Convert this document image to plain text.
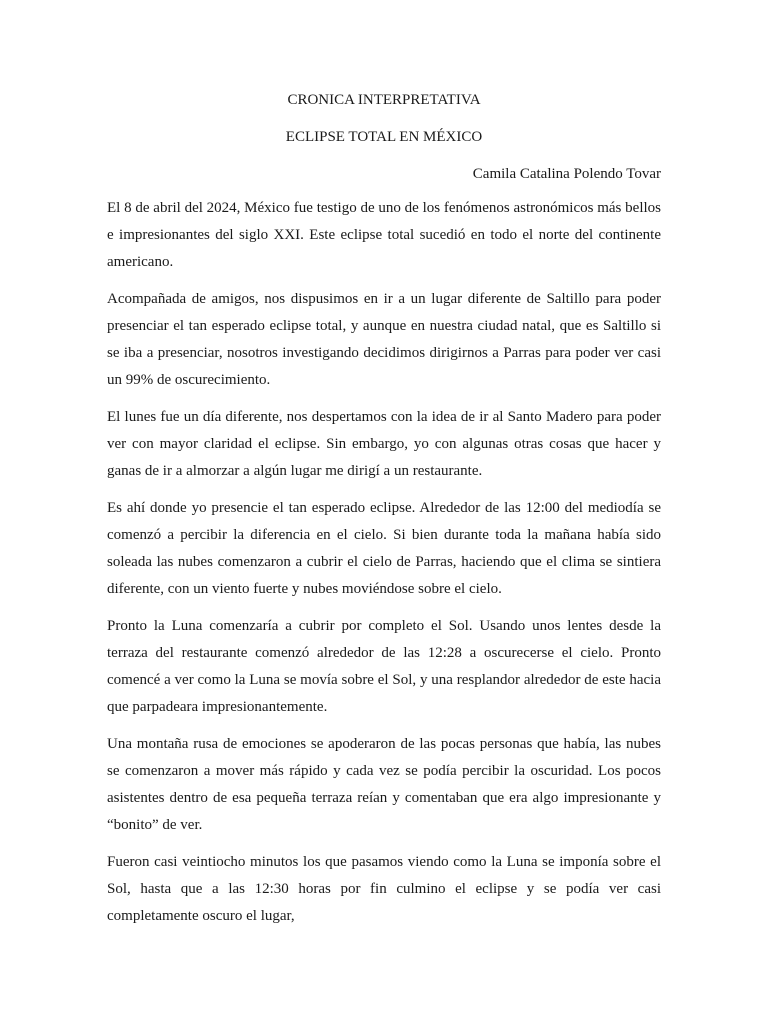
CRONICA INTERPRETATIVA

ECLIPSE TOTAL EN MÉXICO

Camila Catalina Polendo Tovar

El 8 de abril del 2024, México fue testigo de uno de los fenómenos astronómicos más bellos e impresionantes del siglo XXI. Este eclipse total sucedió en todo el norte del continente americano.

Acompañada de amigos, nos dispusimos en ir a un lugar diferente de Saltillo para poder presenciar el tan esperado eclipse total, y aunque en nuestra ciudad natal, que es Saltillo si se iba a presenciar, nosotros investigando decidimos dirigirnos a Parras para poder ver casi un 99% de oscurecimiento.

El lunes fue un día diferente, nos despertamos con la idea de ir al Santo Madero para poder ver con mayor claridad el eclipse. Sin embargo, yo con algunas otras cosas que hacer y ganas de ir a almorzar a algún lugar me dirigí a un restaurante.

Es ahí donde yo presencie el tan esperado eclipse. Alrededor de las 12:00 del mediodía se comenzó a percibir la diferencia en el cielo. Si bien durante toda la mañana había sido soleada las nubes comenzaron a cubrir el cielo de Parras, haciendo que el clima se sintiera diferente, con un viento fuerte y nubes moviéndose sobre el cielo.

Pronto la Luna comenzaría a cubrir por completo el Sol. Usando unos lentes desde la terraza del restaurante comenzó alrededor de las 12:28 a oscurecerse el cielo. Pronto comencé a ver como la Luna se movía sobre el Sol, y una resplandor alrededor de este hacia que parpadeara impresionantemente.

Una montaña rusa de emociones se apoderaron de las pocas personas que había, las nubes se comenzaron a mover más rápido y cada vez se podía percibir la oscuridad. Los pocos asistentes dentro de esa pequeña terraza reían y comentaban que era algo impresionante y “bonito” de ver.

Fueron casi veintiocho minutos los que pasamos viendo como la Luna se imponía sobre el Sol, hasta que a las 12:30 horas por fin culmino el eclipse y se podía ver casi completamente oscuro el lugar,
